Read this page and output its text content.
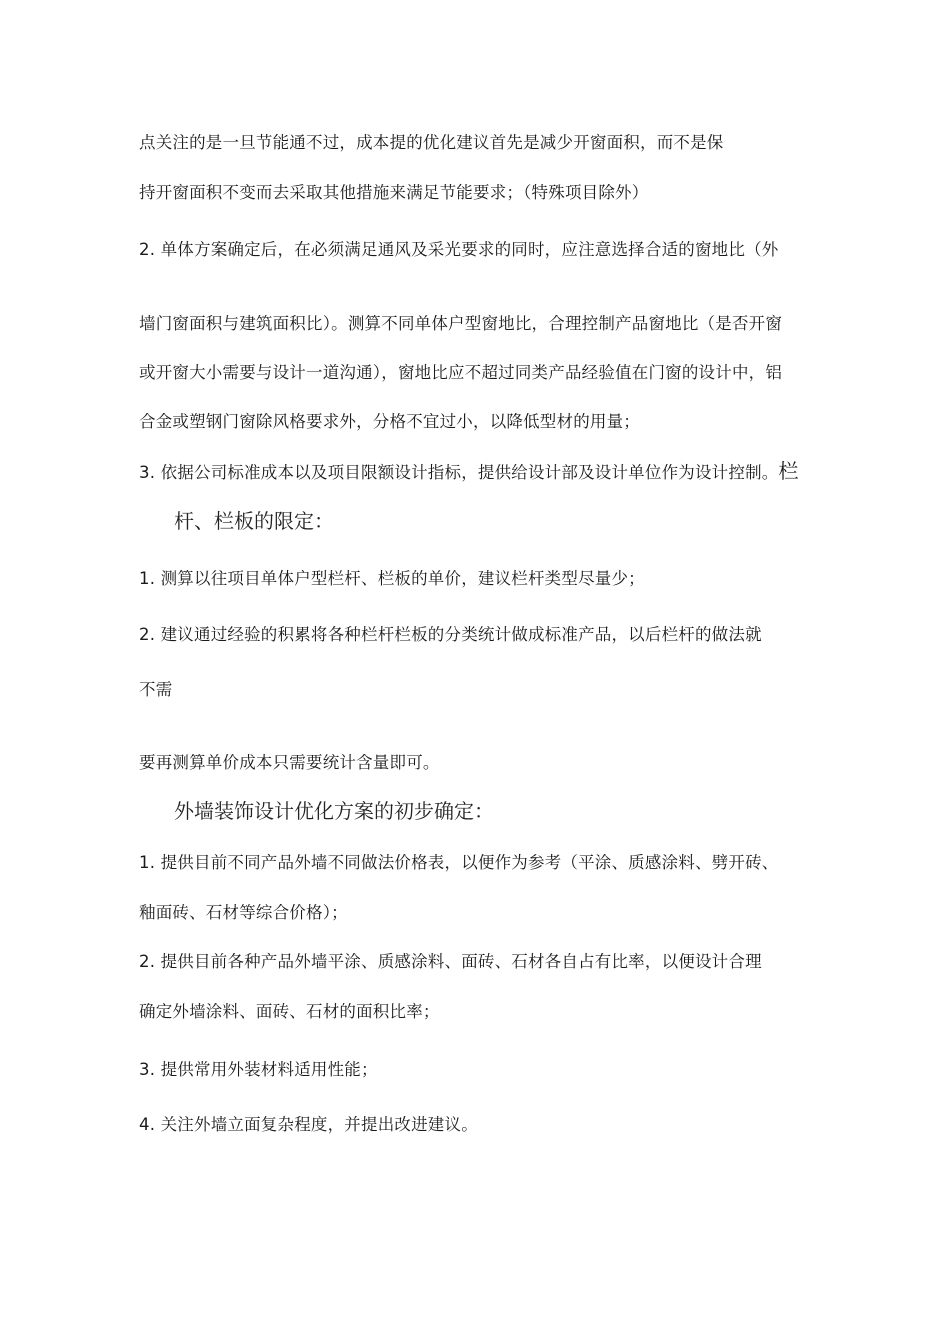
点关注的是一旦节能通不过，成本提的优化建议首先是减少开窗面积，而不是保
持开窗面积不变而去采取其他措施来满足节能要求；（特殊项目除外）
2. 单体方案确定后，在必须满足通风及采光要求的同时，应注意选择合适的窗地比（外
墙门窗面积与建筑面积比）。测算不同单体户型窗地比，合理控制产品窗地比（是否开窗
或开窗大小需要与设计一道沟通），窗地比应不超过同类产品经验值在门窗的设计中，铝
合金或塑钢门窗除风格要求外，分格不宜过小，以降低型材的用量；
3. 依据公司标准成本以及项目限额设计指标，提供给设计部及设计单位作为设计控制。栏
杆、栏板的限定：
1. 测算以往项目单体户型栏杆、栏板的单价，建议栏杆类型尽量少；
2. 建议通过经验的积累将各种栏杆栏板的分类统计做成标准产品，以后栏杆的做法就
不需
要再测算单价成本只需要统计含量即可。
外墙装饰设计优化方案的初步确定：
1. 提供目前不同产品外墙不同做法价格表，以便作为参考（平涂、质感涂料、劈开砖、
釉面砖、石材等综合价格）；
2. 提供目前各种产品外墙平涂、质感涂料、面砖、石材各自占有比率，以便设计合理
确定外墙涂料、面砖、石材的面积比率；
3. 提供常用外装材料适用性能；
4. 关注外墙立面复杂程度，并提出改进建议。
